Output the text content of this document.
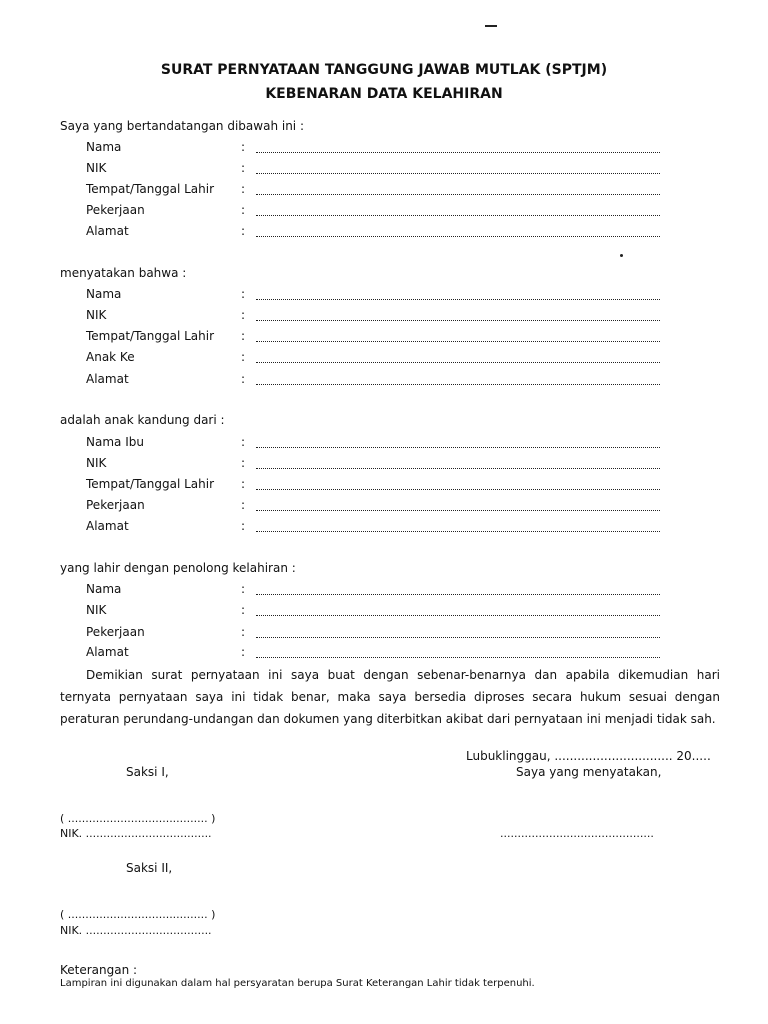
SURAT PERNYATAAN TANGGUNG JAWAB MUTLAK (SPTJM)
KEBENARAN DATA KELAHIRAN
Saya yang bertandatangan dibawah ini :
Nama	:
NIK	:
Tempat/Tanggal Lahir :
Pekerjaan	:
Alamat	:
menyatakan bahwa :
Nama	:
NIK	:
Tempat/Tanggal Lahir :
Anak Ke	:
Alamat	:
adalah anak kandung dari :
Nama Ibu	:
NIK	:
Tempat/Tanggal Lahir :
Pekerjaan	:
Alamat	:
yang lahir dengan penolong kelahiran :
Nama	:
NIK	:
Pekerjaan	:
Alamat	:
Demikian surat pernyataan ini saya buat dengan sebenar-benarnya dan apabila dikemudian hari ternyata pernyataan saya ini tidak benar, maka saya bersedia diproses secara hukum sesuai dengan peraturan perundang-undangan dan dokumen yang diterbitkan akibat dari pernyataan ini menjadi tidak sah.
Lubuklinggau, ............................... 20.....
Saya yang menyatakan,
Saksi I,
( ........................................ )
NIK. ....................................	............................................
Saksi II,
( ........................................ )
NIK. ....................................
Keterangan :
Lampiran ini digunakan dalam hal persyaratan berupa Surat Keterangan Lahir tidak terpenuhi.
